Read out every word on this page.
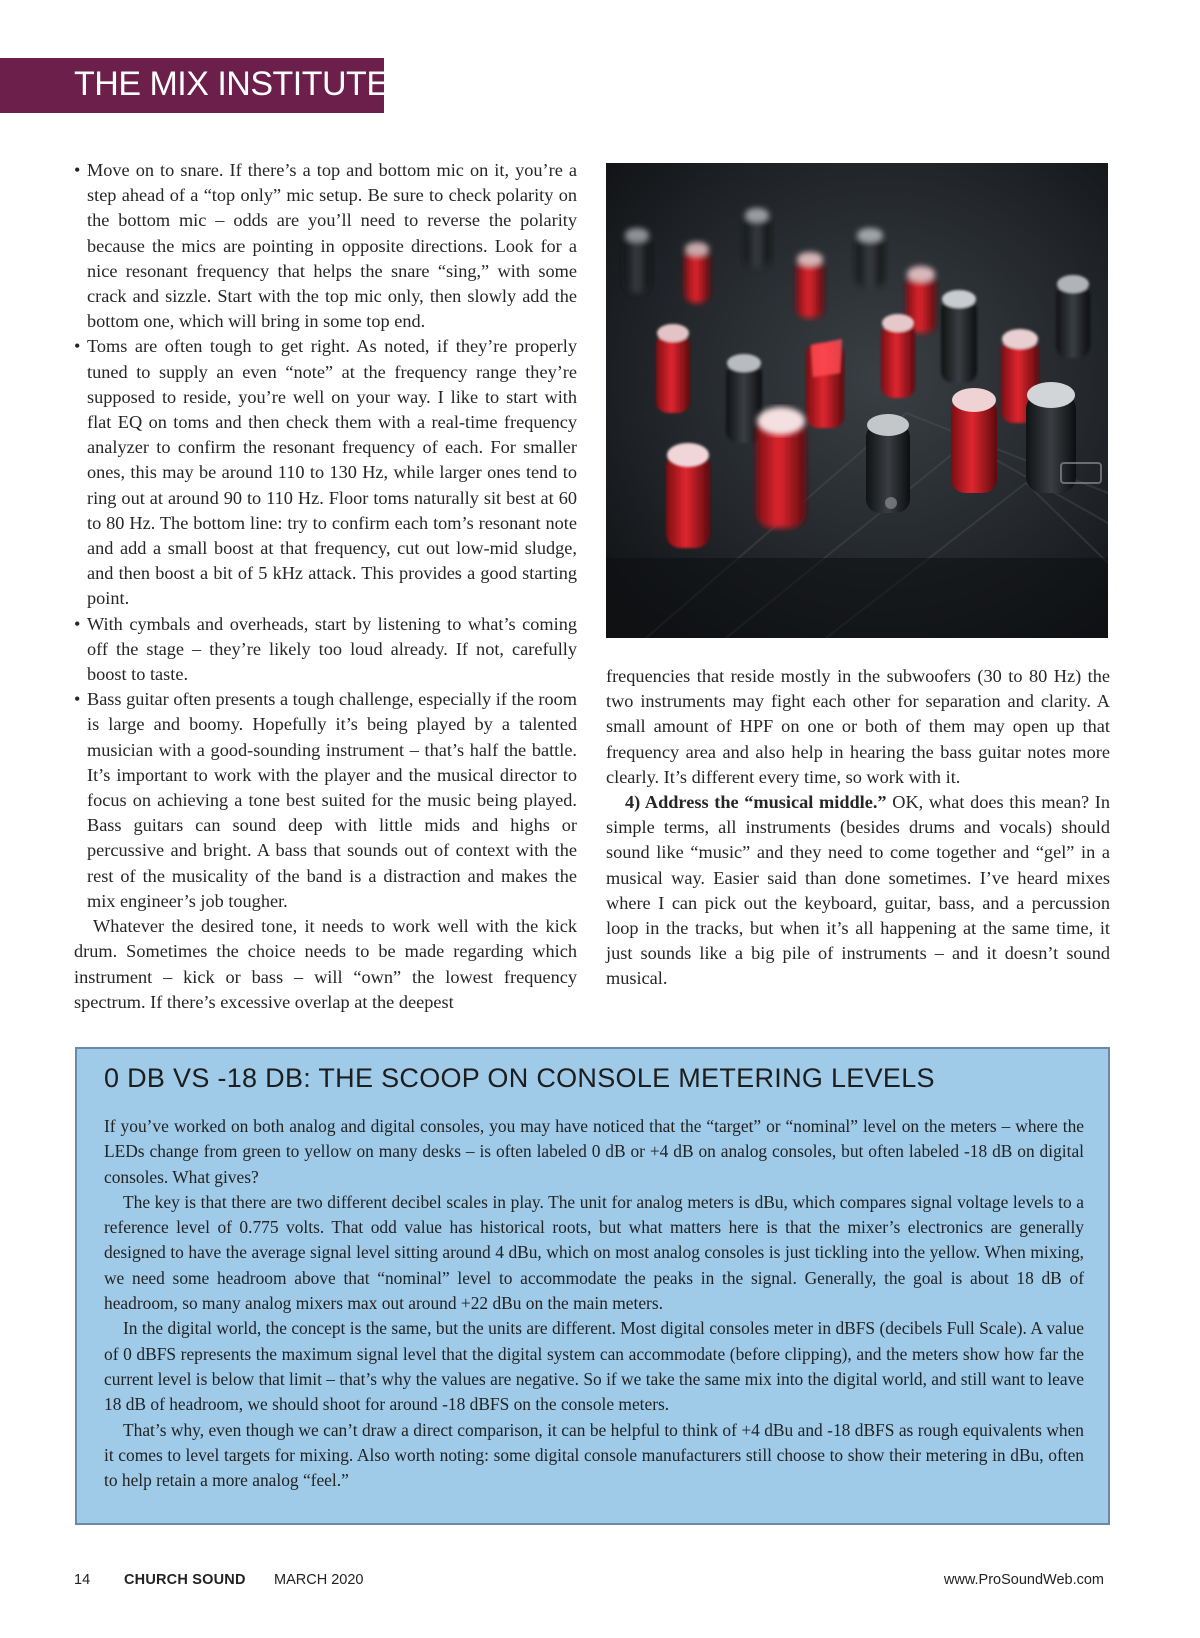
THE MIX INSTITUTE
• Move on to snare. If there’s a top and bottom mic on it, you’re a step ahead of a “top only” mic setup. Be sure to check polarity on the bottom mic – odds are you’ll need to reverse the polarity because the mics are pointing in opposite directions. Look for a nice resonant frequency that helps the snare “sing,” with some crack and sizzle. Start with the top mic only, then slowly add the bottom one, which will bring in some top end.
• Toms are often tough to get right. As noted, if they’re properly tuned to supply an even “note” at the frequency range they’re supposed to reside, you’re well on your way. I like to start with flat EQ on toms and then check them with a real-time frequency analyzer to confirm the resonant frequency of each. For smaller ones, this may be around 110 to 130 Hz, while larger ones tend to ring out at around 90 to 110 Hz. Floor toms naturally sit best at 60 to 80 Hz. The bottom line: try to confirm each tom’s resonant note and add a small boost at that frequency, cut out low-mid sludge, and then boost a bit of 5 kHz attack. This provides a good starting point.
• With cymbals and overheads, start by listening to what’s coming off the stage – they’re likely too loud already. If not, carefully boost to taste.
• Bass guitar often presents a tough challenge, especially if the room is large and boomy. Hopefully it’s being played by a talented musician with a good-sounding instrument – that’s half the battle. It’s important to work with the player and the musical director to focus on achieving a tone best suited for the music being played. Bass guitars can sound deep with little mids and highs or percussive and bright. A bass that sounds out of context with the rest of the musicality of the band is a distraction and makes the mix engineer’s job tougher.

Whatever the desired tone, it needs to work well with the kick drum. Sometimes the choice needs to be made regarding which instrument – kick or bass – will “own” the lowest frequency spectrum. If there’s excessive overlap at the deepest

frequencies that reside mostly in the subwoofers (30 to 80 Hz) the two instruments may fight each other for separation and clarity. A small amount of HPF on one or both of them may open up that frequency area and also help in hearing the bass guitar notes more clearly. It’s different every time, so work with it.

4) Address the “musical middle.” OK, what does this mean? In simple terms, all instruments (besides drums and vocals) should sound like “music” and they need to come together and “gel” in a musical way. Easier said than done sometimes. I’ve heard mixes where I can pick out the keyboard, guitar, bass, and a percussion loop in the tracks, but when it’s all happening at the same time, it just sounds like a big pile of instruments – and it doesn’t sound musical.

0 DB VS -18 DB: THE SCOOP ON CONSOLE METERING LEVELS

If you’ve worked on both analog and digital consoles, you may have noticed that the “target” or “nominal” level on the meters – where the LEDs change from green to yellow on many desks – is often labeled 0 dB or +4 dB on analog consoles, but often labeled -18 dB on digital consoles. What gives?

The key is that there are two different decibel scales in play. The unit for analog meters is dBu, which compares signal voltage levels to a reference level of 0.775 volts. That odd value has historical roots, but what matters here is that the mixer’s electronics are generally designed to have the average signal level sitting around 4 dBu, which on most analog consoles is just tickling into the yellow. When mixing, we need some headroom above that “nominal” level to accommodate the peaks in the signal. Generally, the goal is about 18 dB of headroom, so many analog mixers max out around +22 dBu on the main meters.

In the digital world, the concept is the same, but the units are different. Most digital consoles meter in dBFS (decibels Full Scale). A value of 0 dBFS represents the maximum signal level that the digital system can accommodate (before clipping), and the meters show how far the current level is below that limit – that’s why the values are negative. So if we take the same mix into the digital world, and still want to leave 18 dB of headroom, we should shoot for around -18 dBFS on the console meters.

That’s why, even though we can’t draw a direct comparison, it can be helpful to think of +4 dBu and -18 dBFS as rough equivalents when it comes to level targets for mixing. Also worth noting: some digital console manufacturers still choose to show their metering in dBu, often to help retain a more analog “feel.”

14 CHURCH SOUND MARCH 2020	www.ProSoundWeb.com
